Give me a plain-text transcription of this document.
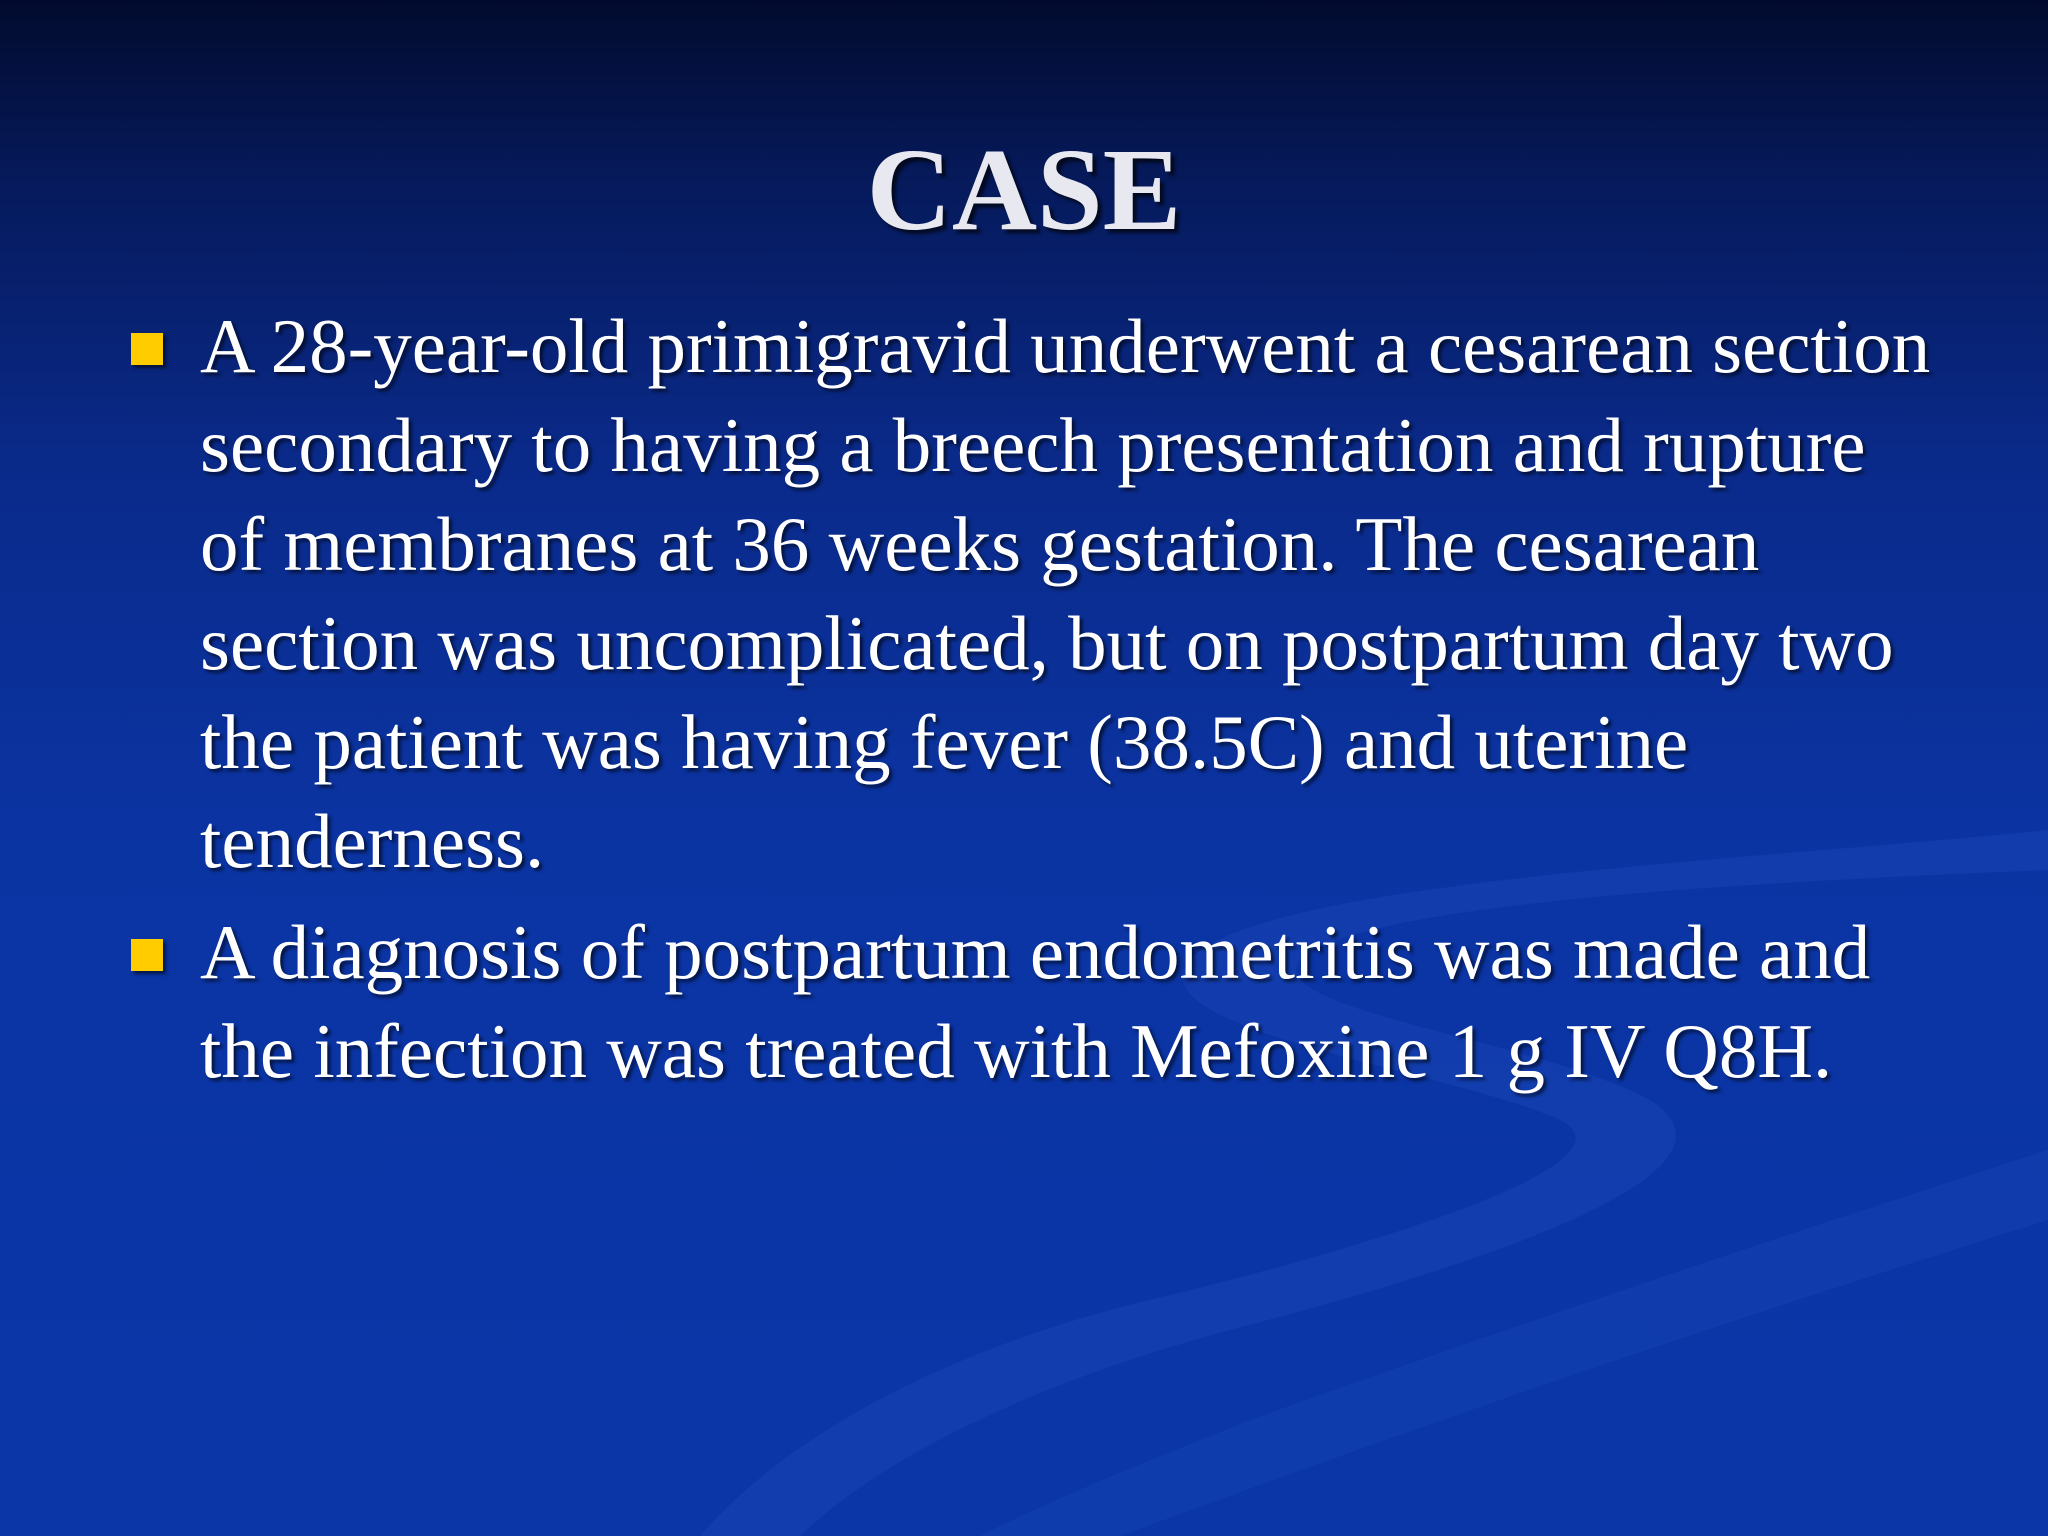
CASE
A 28-year-old primigravid underwent a cesarean section secondary to having a breech presentation and rupture of membranes at 36 weeks gestation. The cesarean section was uncomplicated, but on postpartum day two the patient was having fever (38.5C) and uterine tenderness.
A diagnosis of postpartum endometritis was made and the infection was treated with Mefoxine 1 g IV Q8H.
